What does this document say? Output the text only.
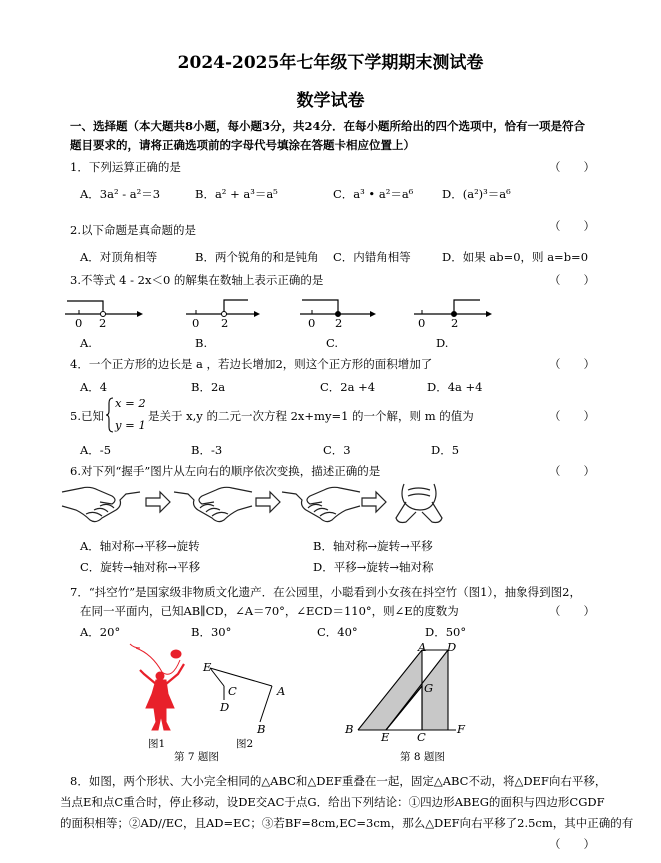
2024-2025年七年级下学期期末测试卷
数学试卷
一、选择题（本大题共8小题，每小题3分，共24分．在每小题所给出的四个选项中，恰有一项是符合
题目要求的，请将正确选项前的字母代号填涂在答题卡相应位置上）
1．下列运算正确的是	（　　）
A．3a² - a²＝3	B．a² + a³＝a⁵	C．a³ • a²＝a⁶ D．(a²)³＝a⁶
2.以下命题是真命题的是	（　　）
A．对顶角相等	B．两个锐角的和是钝角 C．内错角相等	D．如果 ab=0，则 a=b=0
3.不等式 4 - 2x＜0 的解集在数轴上表示正确的是	（　　）
0 2	0 2	0 2	0 2
A.	B.	C.	D.
4．一个正方形的边长是 a ，若边长增加2，则这个正方形的面积增加了	（　　）
A．4	B．2a	C．2a +4	D．4a +4
5.已知
x = 2
y = 1
是关于 x,y 的二元一次方程 2x+my=1 的一个解，则 m 的值为	（　　）
A．-5	B．-3	C．3	D．5
6.对下列“握手”图片从左向右的顺序依次变换，描述正确的是	（　　）
A．轴对称→平移→旋转	B．轴对称→旋转→平移
C．旋转→轴对称→平移	D．平移→旋转→轴对称
7．“抖空竹”是国家级非物质文化遗产．在公园里，小聪看到小女孩在抖空竹（图1），抽象得到图2，
在同一平面内，已知AB∥CD，∠A＝70°，∠ECD＝110°，则∠E的度数为	（　　）
A．20°	B．30°	C．40°	D．50°
图1
E
C
D
A
B
图2
第 7 题图
A D
G
B
E C
F
第 8 题图
8．如图，两个形状、大小完全相同的△ABC和△DEF重叠在一起，固定△ABC不动，将△DEF向右平移，
当点E和点C重合时，停止移动，设DE交AC于点G．给出下列结论：①四边形ABEG的面积与四边形CGDF
的面积相等；②AD//EC，且AD=EC；③若BF=8cm,EC=3cm，那么△DEF向右平移了2.5cm，其中正确的有
（　　）
